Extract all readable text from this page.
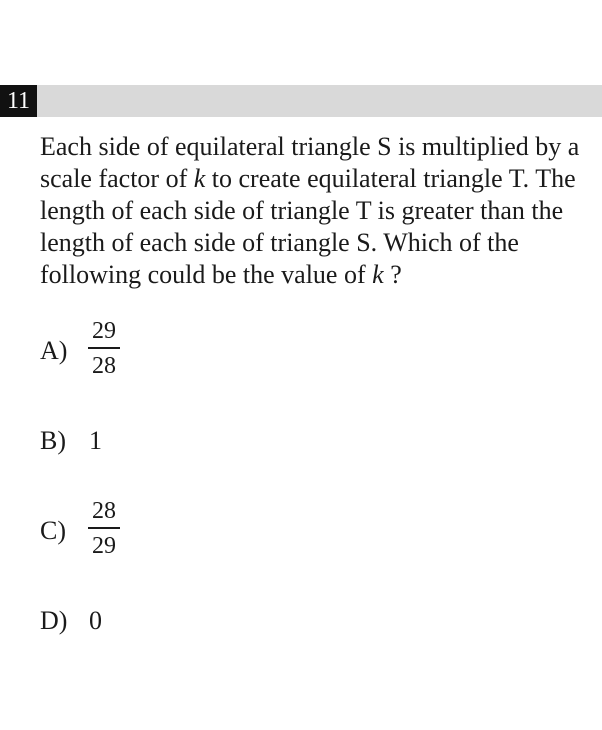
11
Each side of equilateral triangle S is multiplied by a
scale factor of k to create equilateral triangle T. The
length of each side of triangle T is greater than the
length of each side of triangle S. Which of the
following could be the value of k ?
A)
29
28
B) 1
C)
28
29
D) 0
